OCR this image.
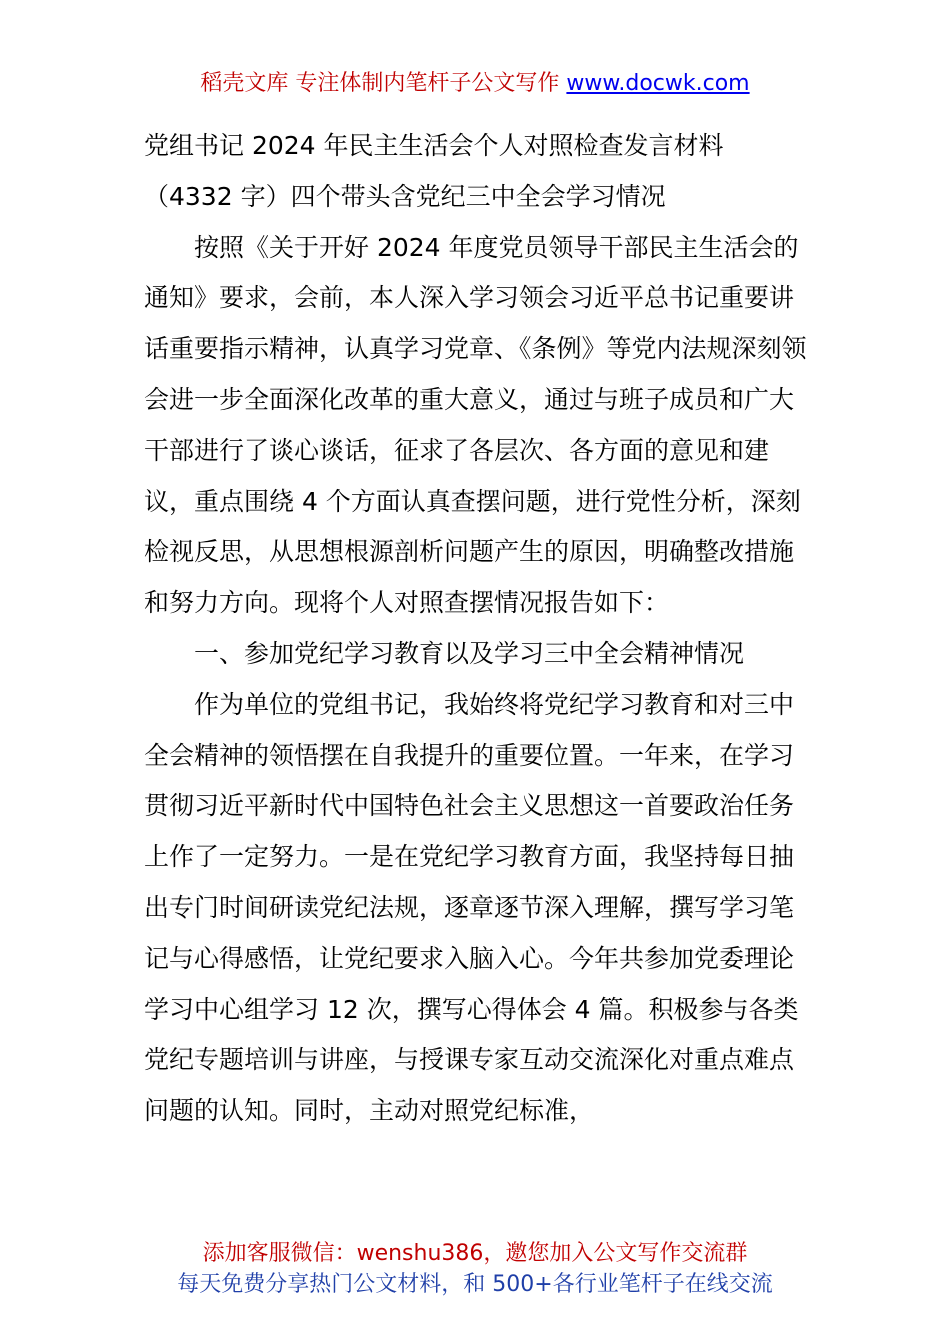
稻壳文库 专注体制内笔杆子公文写作 www.docwk.com

党组书记 2024 年民主生活会个人对照检查发言材料（4332 字）四个带头含党纪三中全会学习情况

按照《关于开好 2024 年度党员领导干部民主生活会的通知》要求，会前，本人深入学习领会习近平总书记重要讲话重要指示精神，认真学习党章、《条例》等党内法规深刻领会进一步全面深化改革的重大意义，通过与班子成员和广大干部进行了谈心谈话，征求了各层次、各方面的意见和建议，重点围绕 4 个方面认真查摆问题，进行党性分析，深刻检视反思，从思想根源剖析问题产生的原因，明确整改措施和努力方向。现将个人对照查摆情况报告如下：

一、参加党纪学习教育以及学习三中全会精神情况

作为单位的党组书记，我始终将党纪学习教育和对三中全会精神的领悟摆在自我提升的重要位置。一年来，在学习贯彻习近平新时代中国特色社会主义思想这一首要政治任务上作了一定努力。一是在党纪学习教育方面，我坚持每日抽出专门时间研读党纪法规，逐章逐节深入理解，撰写学习笔记与心得感悟，让党纪要求入脑入心。今年共参加党委理论学习中心组学习 12 次，撰写心得体会 4 篇。积极参与各类党纪专题培训与讲座，与授课专家互动交流深化对重点难点问题的认知。同时，主动对照党纪标准，

添加客服微信：wenshu386，邀您加入公文写作交流群
每天免费分享热门公文材料，和 500+各行业笔杆子在线交流
